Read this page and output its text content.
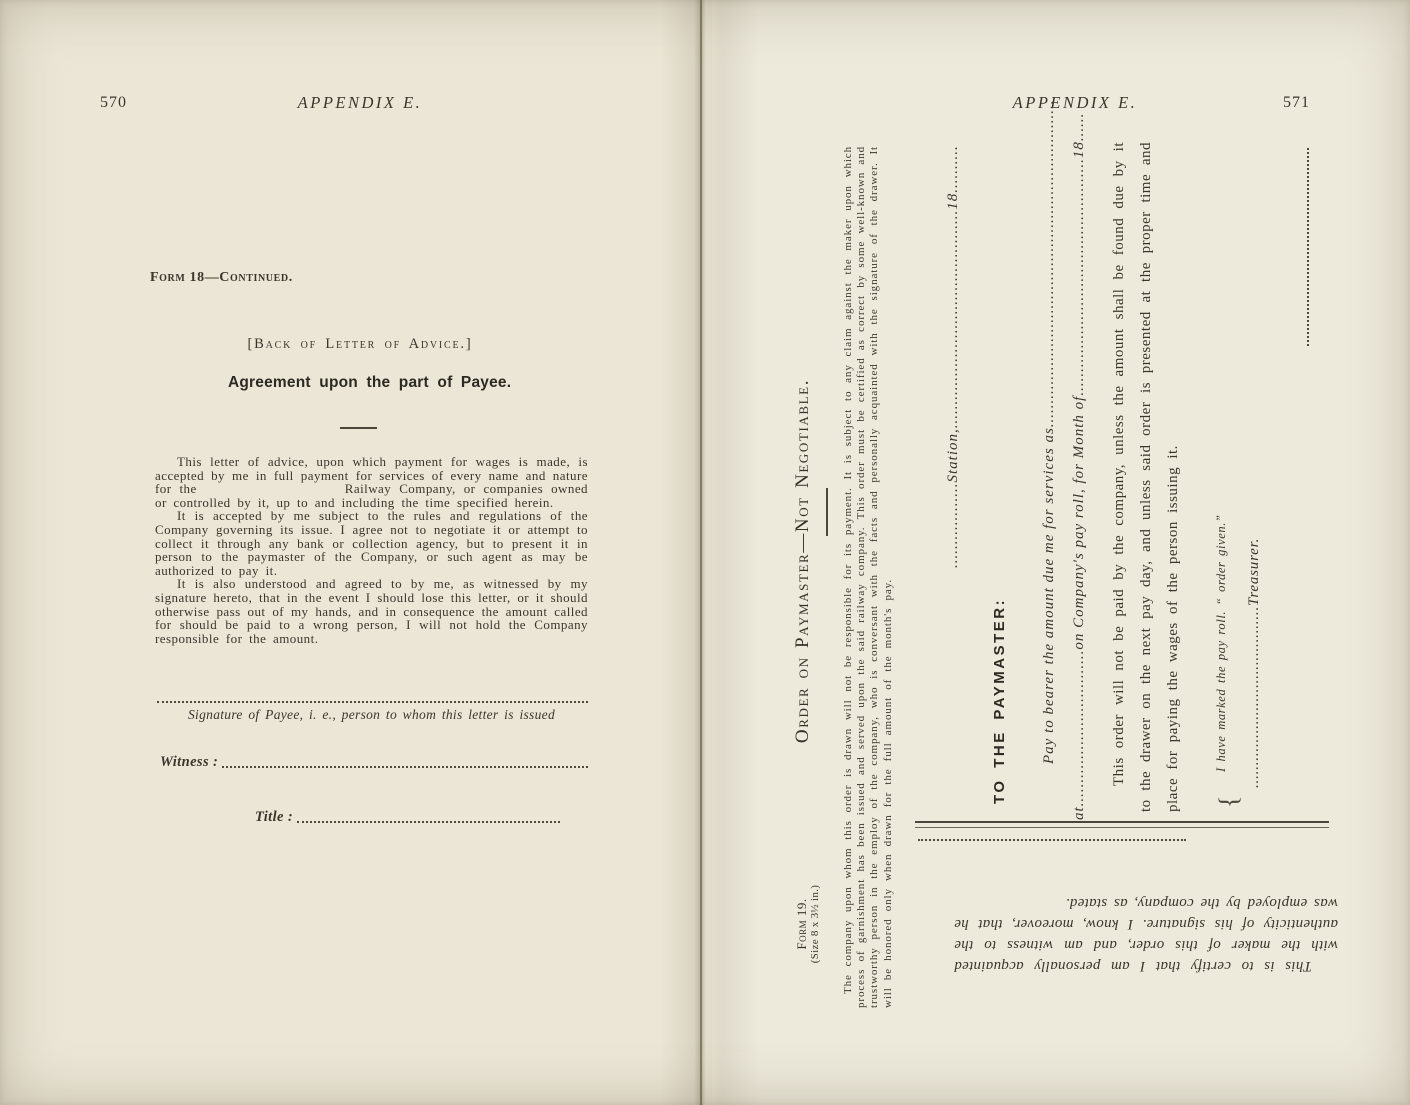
570	APPENDIX E.
Form 18—Continued.
[Back of Letter of Advice.]
Agreement upon the part of Payee.

This letter of advice, upon which payment for wages is made, is accepted by me in full payment for services of every name and nature for the	Railway Company, or companies owned or controlled by it, up to and including the time specified herein.

It is accepted by me subject to the rules and regulations of the Company governing its issue. I agree not to negotiate it or attempt to collect it through any bank or collection agency, but to present it in person to the paymaster of the Company, or such agent as may be authorized to pay it.

It is also understood and agreed to by me, as witnessed by my signature hereto, that in the event I should lose this letter, or it should otherwise pass out of my hands, and in consequence the amount called for should be paid to a wrong person, I will not hold the Company responsible for the amount.

Signature of Payee, i. e., person to whom this letter is issued
Witness :
Title :
APPENDIX E.	571
Order on Paymaster—Not Negotiable.	The company upon whom this order is drawn will not be responsible for its payment. It is subject to any claim against the maker upon which process of garnishment has been issued and served upon the said railway company. This order must be certified as correct by some well-known and trustworthy person in the employ of the company, who is conversant with the facts and personally acquainted with the signature of the drawer. It will be honored only when drawn for the full amount of the month's pay.

Form 19. (Size 8 x 3½ in.)
..................Station,..............................................18..........
TO THE PAYMASTER:	Pay to bearer the amount due me for services as..................................................................... at.................................on Company's pay roll, for Month of..................................................18......	This order will not be paid by the company, unless the amount shall be found due by it to the drawer on the next pay day, and unless said order is presented at the proper time and place for paying the wages of the person issuing it.	I have marked the pay roll. “ order given.”	........................................Treasurer.
{

This is to certify that I am personally acquainted with the maker of this order, and am witness to the authenticity of his signature. I know, moreover, that he was employed by the company, as stated.
